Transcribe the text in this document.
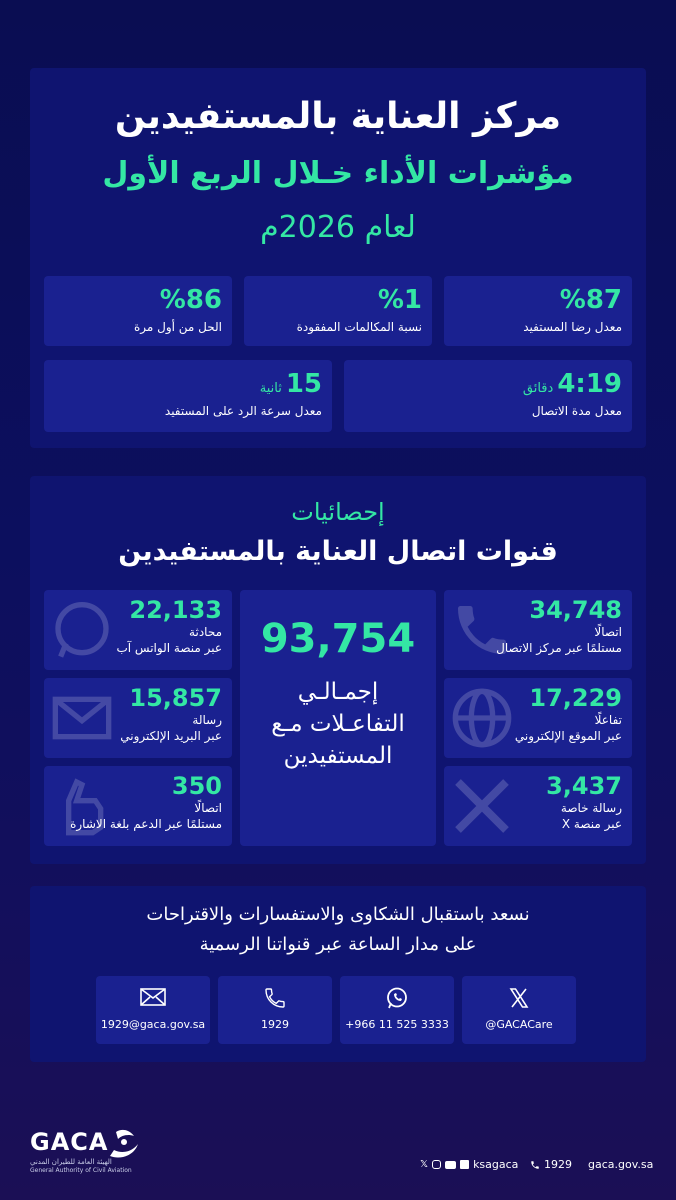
مركز العناية بالمستفيدين
مؤشرات الأداء خـلال الربع الأول
لعام 2026م
%87
معدل رضا المستفيد
%1
نسبة المكالمات المفقودة
%86
الحل من أول مرة
4:19دقائق
معدل مدة الاتصال
15ثانية
معدل سرعة الرد على المستفيد
إحصائيات
قنوات اتصال العناية بالمستفيدين
34,748
اتصالًا
مستلمًا عبر مركز الاتصال
17,229
تفاعلًا
عبر الموقع الإلكتروني
3,437
رسالة خاصة
عبر منصة X
93,754
إجمـالـي التفاعـلات مـع المستفيدين
22,133
محادثة
عبر منصة الواتس آب
15,857
رسالة
عبر البريد الإلكتروني
350
اتصالًا
مستلمًا عبر الدعم بلغة الاشارة
نسعد باستقبال الشكاوى والاستفسارات والاقتراحات
على مدار الساعة عبر قنواتنا الرسمية
1929@gaca.gov.sa	1929	+966 11 525 3333	@GACACare
GACA
الهيئة العامة للطيران المدني
General Authority of Civil Aviation
𝕏	ksagaca 1929 gaca.gov.sa
